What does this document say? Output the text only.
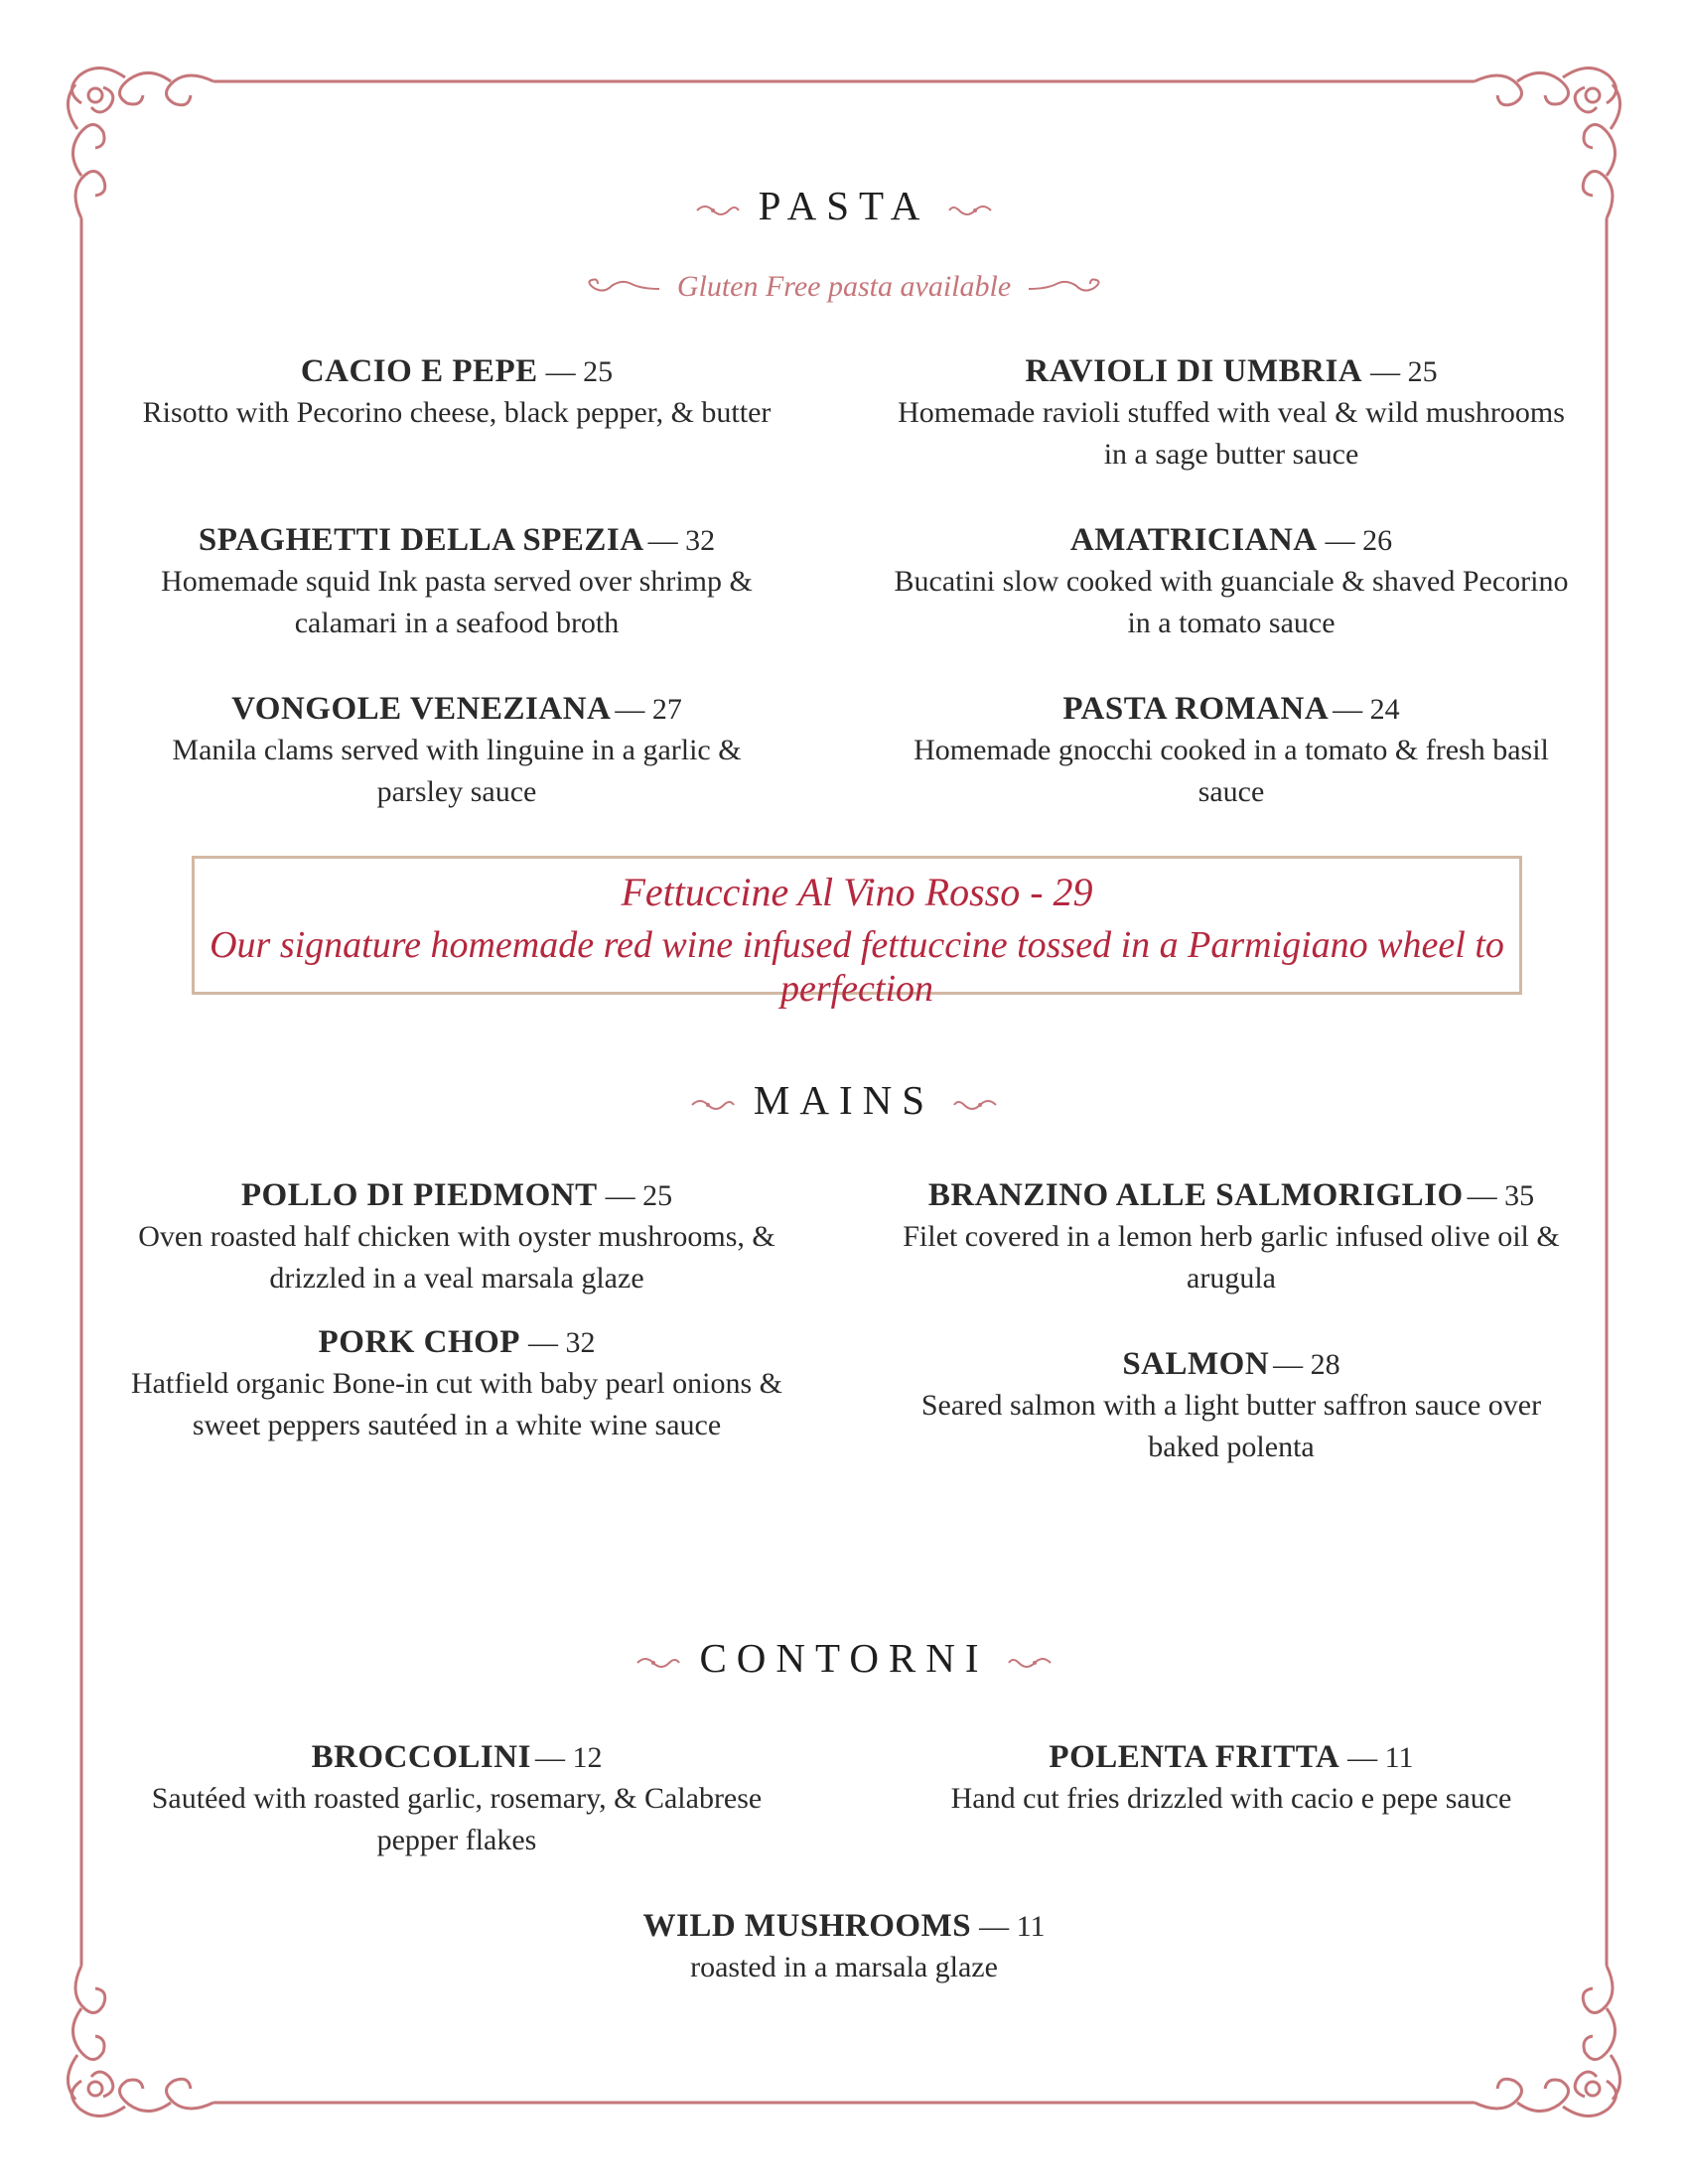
PASTA
Gluten Free pasta available
CACIO E PEPE — 25
Risotto with Pecorino cheese, black pepper, & butter
RAVIOLI DI UMBRIA — 25
Homemade ravioli stuffed with veal & wild mushrooms in a sage butter sauce
SPAGHETTI DELLA SPEZIA — 32
Homemade squid Ink pasta served over shrimp & calamari in a seafood broth
AMATRICIANA — 26
Bucatini slow cooked with guanciale & shaved Pecorino in a tomato sauce
VONGOLE VENEZIANA — 27
Manila clams served with linguine in a garlic & parsley sauce
PASTA ROMANA — 24
Homemade gnocchi cooked in a tomato & fresh basil sauce
Fettuccine Al Vino Rosso - 29
Our signature homemade red wine infused fettuccine tossed in a Parmigiano wheel to perfection
MAINS
POLLO DI PIEDMONT — 25
Oven roasted half chicken with oyster mushrooms, & drizzled in a veal marsala glaze
BRANZINO ALLE SALMORIGLIO — 35
Filet covered in a lemon herb garlic infused olive oil & arugula
PORK CHOP — 32
Hatfield organic Bone-in cut with baby pearl onions & sweet peppers sautéed in a white wine sauce
SALMON — 28
Seared salmon with a light butter saffron sauce over baked polenta
CONTORNI
BROCCOLINI — 12
Sautéed with roasted garlic, rosemary, & Calabrese pepper flakes
POLENTA FRITTA — 11
Hand cut fries drizzled with cacio e pepe sauce
WILD MUSHROOMS — 11
roasted in a marsala glaze
